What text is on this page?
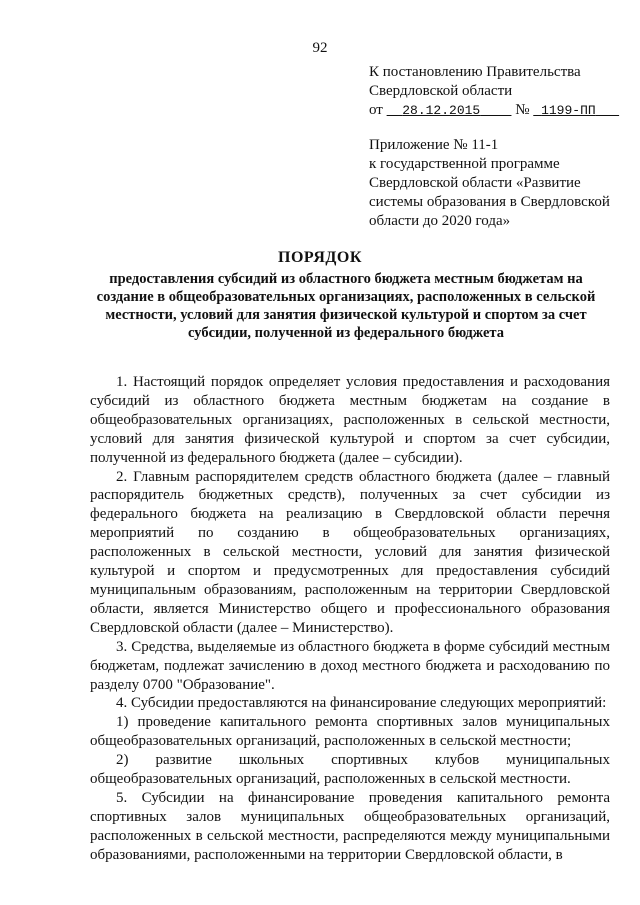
92
К постановлению Правительства
Свердловской области
от 28.12.2015 № 1199-ПП
Приложение № 11-1
к государственной программе
Свердловской области «Развитие
системы образования в Свердловской
области до 2020 года»
ПОРЯДОК
предоставления субсидий из областного бюджета местным бюджетам на создание в общеобразовательных организациях, расположенных в сельской местности, условий для занятия физической культурой и спортом за счет субсидии, полученной из федерального бюджета

1. Настоящий порядок определяет условия предоставления и расходования субсидий из областного бюджета местным бюджетам на создание в общеобразовательных организациях, расположенных в сельской местности, условий для занятия физической культурой и спортом за счет субсидии, полученной из федерального бюджета (далее – субсидии).

2. Главным распорядителем средств областного бюджета (далее – главный распорядитель бюджетных средств), полученных за счет субсидии из федерального бюджета на реализацию в Свердловской области перечня мероприятий по созданию в общеобразовательных организациях, расположенных в сельской местности, условий для занятия физической культурой и спортом и предусмотренных для предоставления субсидий муниципальным образованиям, расположенным на территории Свердловской области, является Министерство общего и профессионального образования Свердловской области (далее – Министерство).

3. Средства, выделяемые из областного бюджета в форме субсидий местным бюджетам, подлежат зачислению в доход местного бюджета и расходованию по разделу 0700 "Образование".

4. Субсидии предоставляются на финансирование следующих мероприятий:

1) проведение капитального ремонта спортивных залов муниципальных общеобразовательных организаций, расположенных в сельской местности;

2) развитие школьных спортивных клубов муниципальных общеобразовательных организаций, расположенных в сельской местности.

5. Субсидии на финансирование проведения капитального ремонта спортивных залов муниципальных общеобразовательных организаций, расположенных в сельской местности, распределяются между муниципальными образованиями, расположенными на территории Свердловской области, в
